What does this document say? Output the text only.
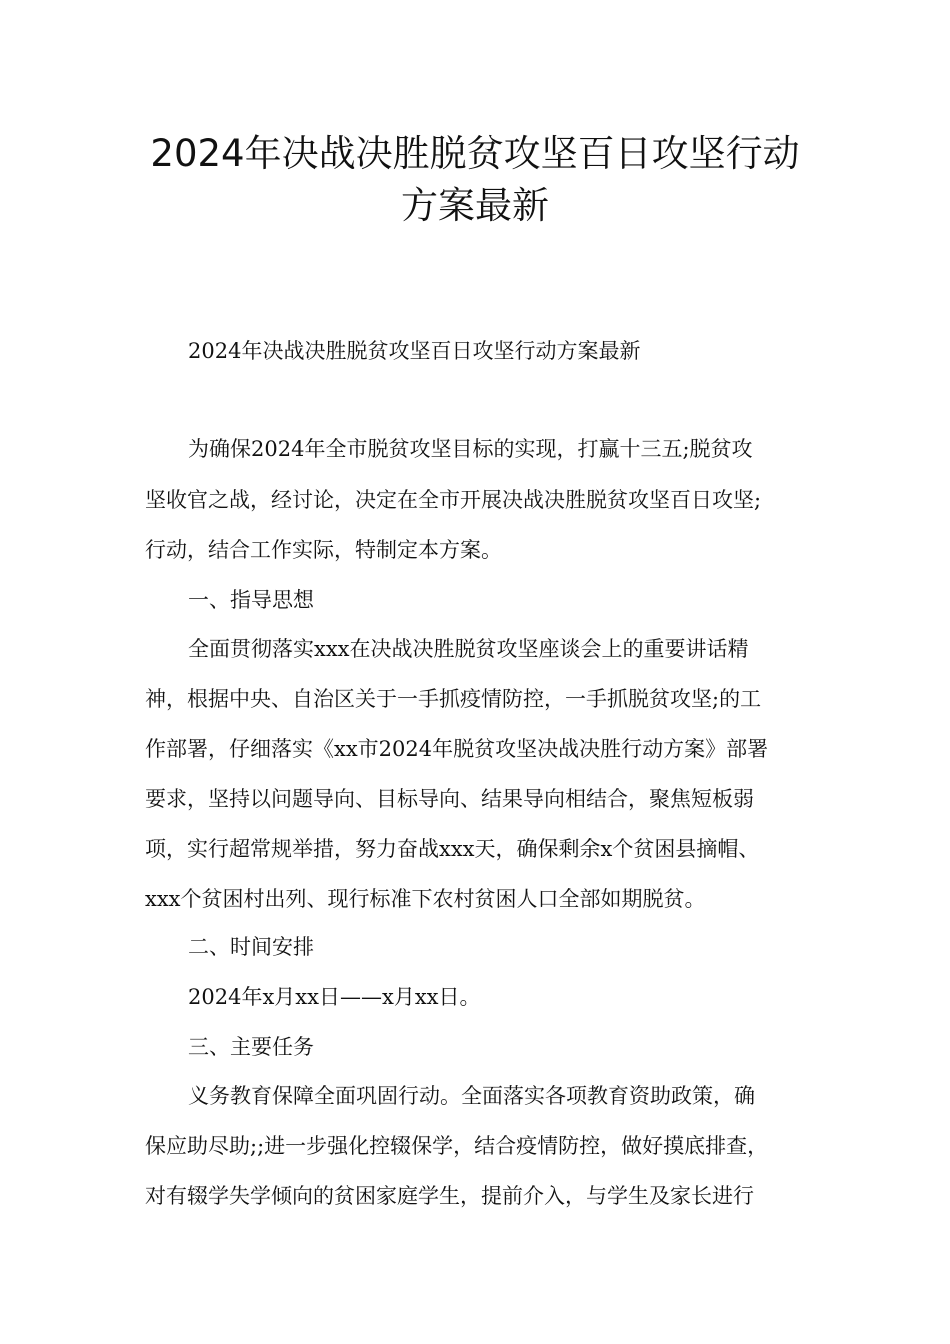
2024年决战决胜脱贫攻坚百日攻坚行动
方案最新
2024年决战决胜脱贫攻坚百日攻坚行动方案最新
为确保2024年全市脱贫攻坚目标的实现，打赢十三五;脱贫攻
坚收官之战，经讨论，决定在全市开展决战决胜脱贫攻坚百日攻坚;
行动，结合工作实际，特制定本方案。
一、指导思想
全面贯彻落实xxx在决战决胜脱贫攻坚座谈会上的重要讲话精
神，根据中央、自治区关于一手抓疫情防控，一手抓脱贫攻坚;的工
作部署，仔细落实《xx市2024年脱贫攻坚决战决胜行动方案》部署
要求，坚持以问题导向、目标导向、结果导向相结合，聚焦短板弱
项，实行超常规举措，努力奋战xxx天，确保剩余x个贫困县摘帽、
xxx个贫困村出列、现行标准下农村贫困人口全部如期脱贫。
二、时间安排
2024年x月xx日——x月xx日。
三、主要任务
义务教育保障全面巩固行动。全面落实各项教育资助政策，确
保应助尽助;;进一步强化控辍保学，结合疫情防控，做好摸底排查，
对有辍学失学倾向的贫困家庭学生，提前介入，与学生及家长进行
